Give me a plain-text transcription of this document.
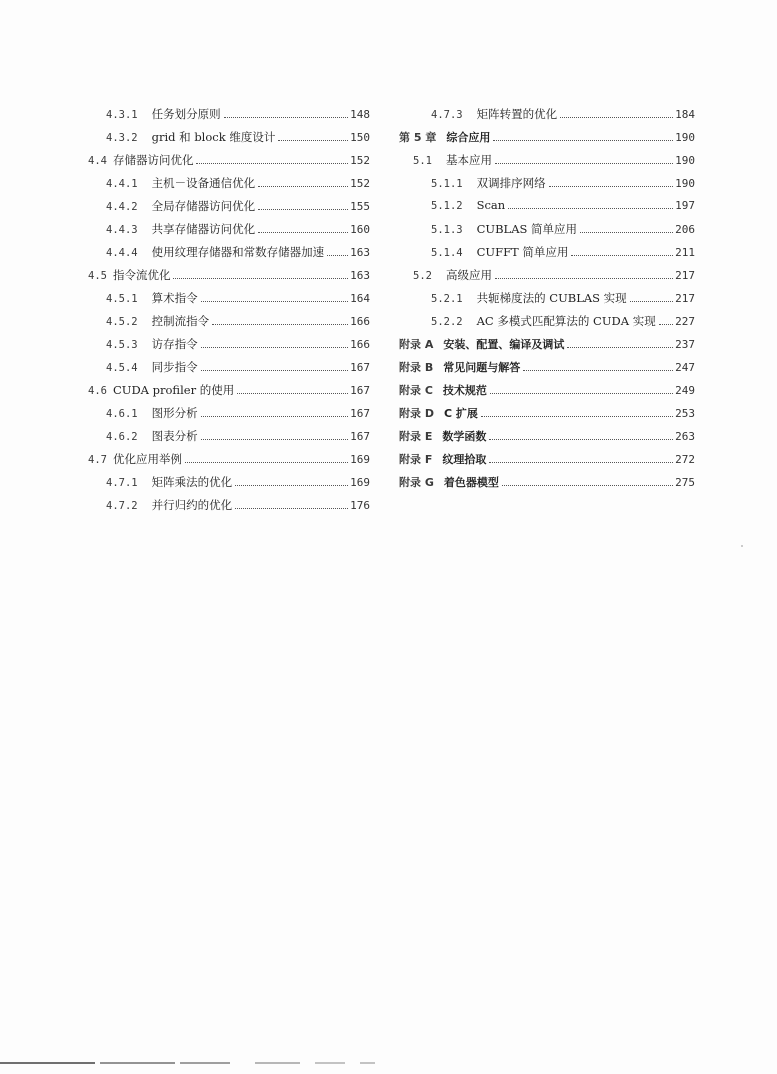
4.3.1 任务划分原则	148
4.3.2 grid 和 block 维度设计	150
4.4 存储器访问优化	152
4.4.1 主机－设备通信优化	152
4.4.2 全局存储器访问优化	155
4.4.3 共享存储器访问优化	160
4.4.4 使用纹理存储器和常数存储器加速 163
4.5 指令流优化	163
4.5.1 算术指令	164
4.5.2 控制流指令	166
4.5.3 访存指令	166
4.5.4 同步指令	167
4.6 CUDA profiler 的使用	167
4.6.1 图形分析	167
4.6.2 图表分析	167
4.7 优化应用举例	169
4.7.1 矩阵乘法的优化	169
4.7.2 并行归约的优化	176
4.7.3 矩阵转置的优化	184
第 5 章 综合应用	190
5.1 基本应用	190
5.1.1 双调排序网络	190
5.1.2 Scan	197
5.1.3 CUBLAS 简单应用	206
5.1.4 CUFFT 简单应用	211
5.2 高级应用	217
5.2.1 共轭梯度法的 CUBLAS 实现	217
5.2.2 AC 多模式匹配算法的 CUDA 实现 227
附录 A 安装、配置、编译及调试	237
附录 B 常见问题与解答	247
附录 C 技术规范	249
附录 D C 扩展	253
附录 E 数学函数	263
附录 F 纹理拾取	272
附录 G 着色器模型	275
